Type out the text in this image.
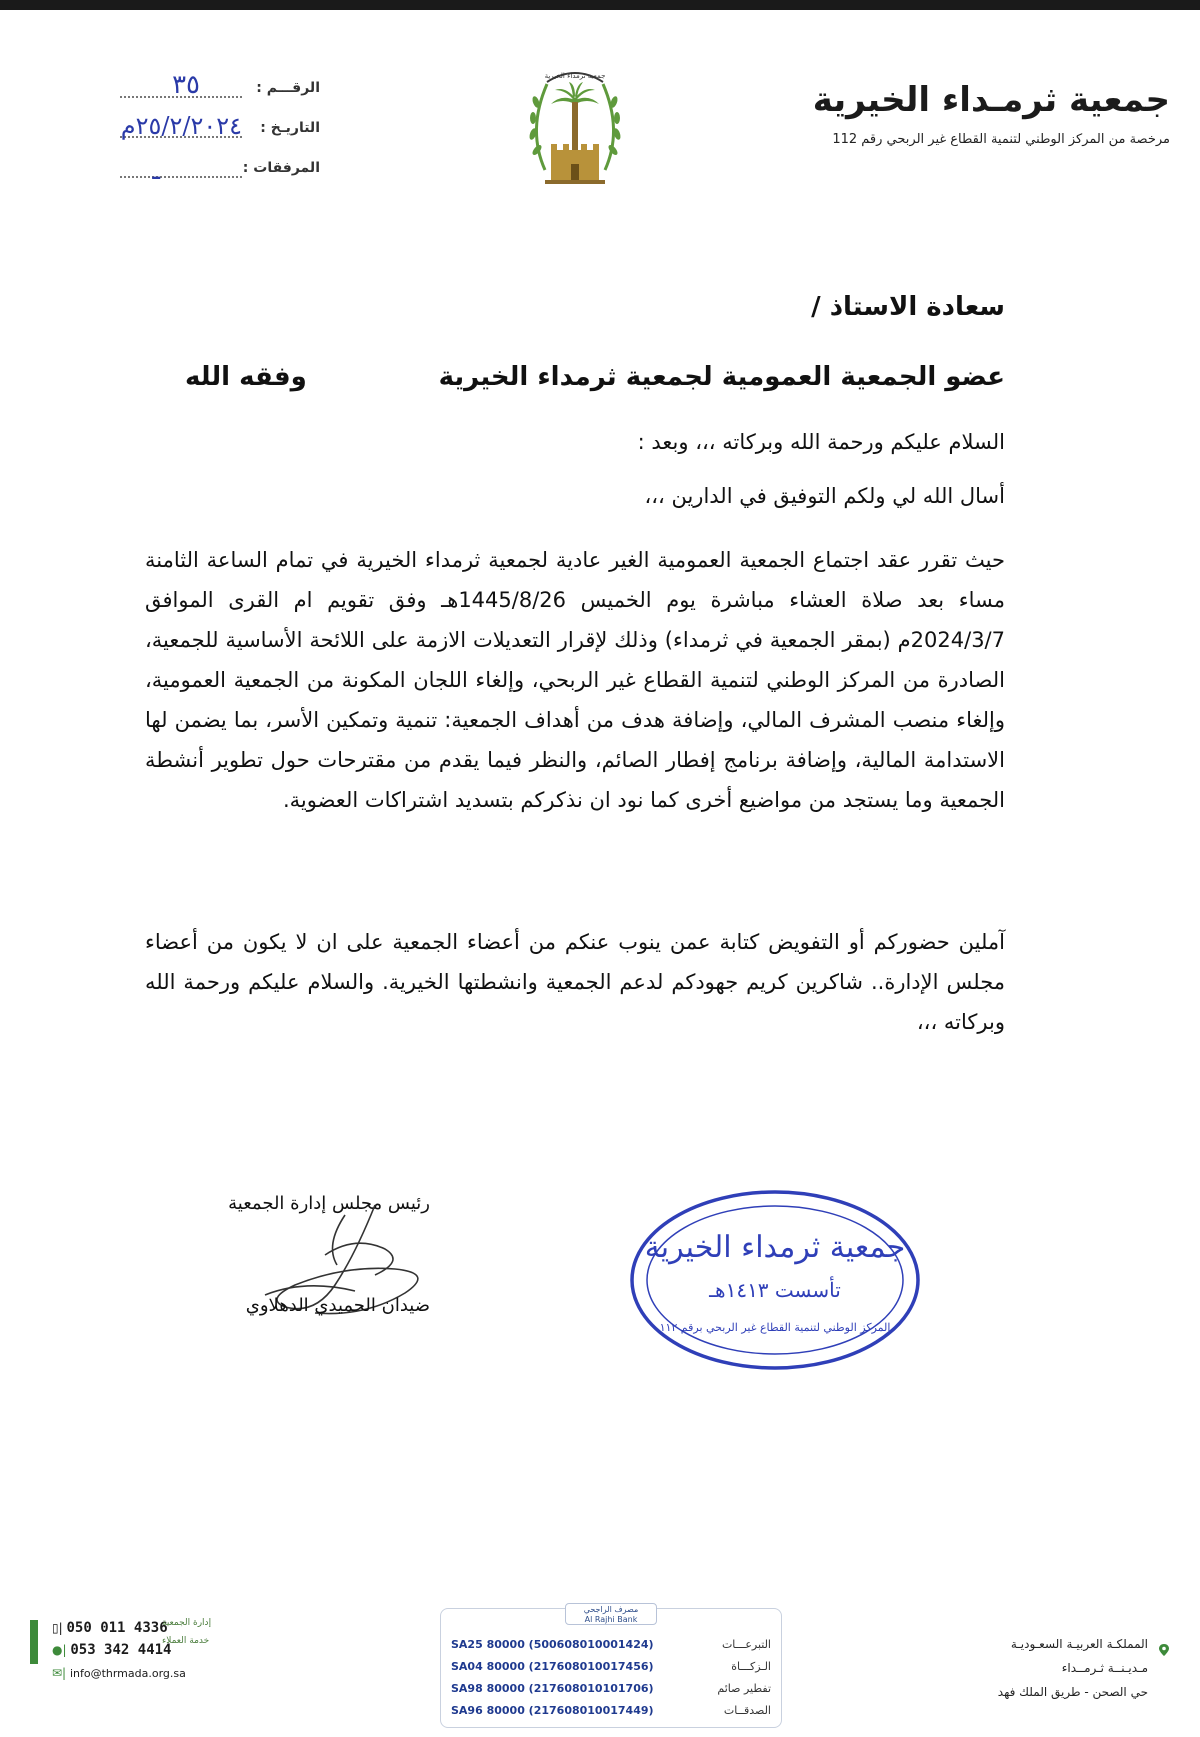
جمعية ثرمـداء الخيرية
مرخصة من المركز الوطني لتنمية القطاع غير الربحي رقم 112
جمعية ثرمداء الخيرية
الرقـــم :
٣٥
التاريـخ :
٢٥/٢/٢٠٢٤م
المرفقات :
ـ
سعادة الاستاذ /
عضو الجمعية العمومية لجمعية ثرمداء الخيرية
وفقه الله
السلام عليكم ورحمة الله وبركاته ،،، وبعد :
أسال الله لي ولكم التوفيق في الدارين ،،،
حيث تقرر عقد اجتماع الجمعية العمومية الغير عادية لجمعية ثرمداء الخيرية في تمام الساعة الثامنة مساء بعد صلاة العشاء مباشرة يوم الخميس 1445/8/26هـ وفق تقويم ام القرى الموافق 2024/3/7م (بمقر الجمعية في ثرمداء) وذلك لإقرار التعديلات الازمة على اللائحة الأساسية للجمعية، الصادرة من المركز الوطني لتنمية القطاع غير الربحي، وإلغاء اللجان المكونة من الجمعية العمومية، وإلغاء منصب المشرف المالي، وإضافة هدف من أهداف الجمعية: تنمية وتمكين الأسر، بما يضمن لها الاستدامة المالية، وإضافة برنامج إفطار الصائم، والنظر فيما يقدم من مقترحات حول تطوير أنشطة الجمعية وما يستجد من مواضيع أخرى كما نود ان نذكركم بتسديد اشتراكات العضوية.
آملين حضوركم أو التفويض كتابة عمن ينوب عنكم من أعضاء الجمعية على ان لا يكون من أعضاء مجلس الإدارة.. شاكرين كريم جهودكم لدعم الجمعية وانشطتها الخيرية. والسلام عليكم ورحمة الله وبركاته ،،،
رئيس مجلس إدارة الجمعية
ضيدان الحميدي الدهلاوي
جمعية ثرمداء الخيرية
تأسست ١٤١٣هـ
المركز الوطني لتنمية القطاع غير الربحي برقم ١١٢
المملكـة العربيـة السعـوديـة
مـديـنــة ثـرمــداء
حي الصحن - طريق الملك فهد
مصرف الراجحي
Al Rajhi Bank
التبرعـــات
SA25 80000 (500608010001424)
الـزكـــاة
SA04 80000 (217608010017456)
تفطير صائم
SA98 80000 (217608010101706)
الصدقــات
SA96 80000 (217608010017449)
إدارة الجمعية
▯| 050 011 4336
خدمة العملاء
●| 053 342 4414
✉| info@thrmada.org.sa
